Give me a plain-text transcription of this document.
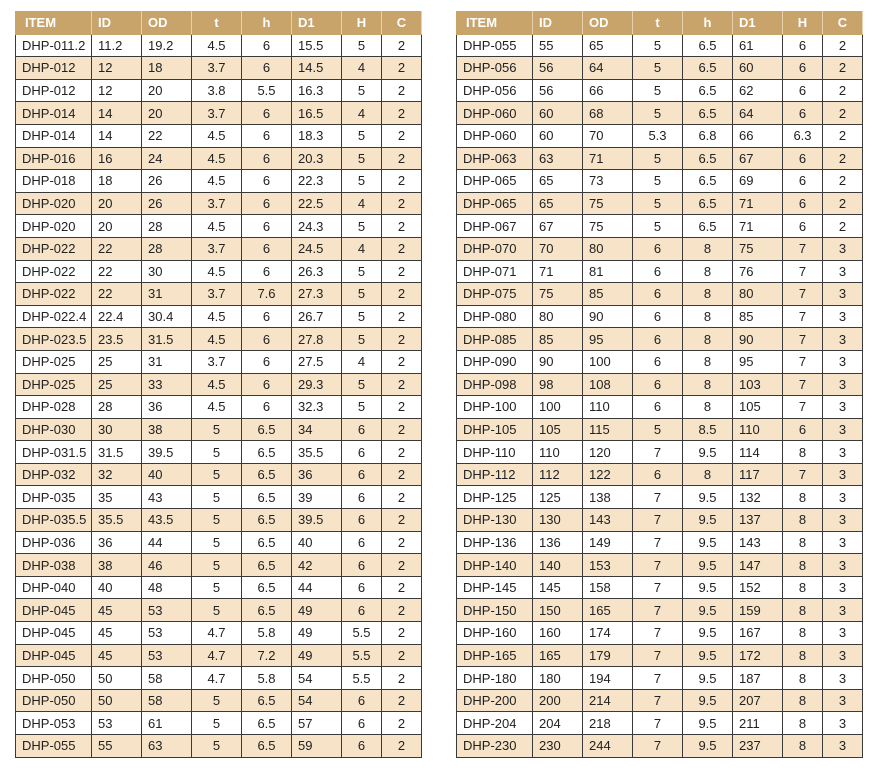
ITEM	ID	OD	t	h	D1	H	C
DHP-011.2	11.2	19.2	4.5	6	15.5	5	2
DHP-012	12	18	3.7	6	14.5	4	2
DHP-012	12	20	3.8	5.5	16.3	5	2
DHP-014	14	20	3.7	6	16.5	4	2
DHP-014	14	22	4.5	6	18.3	5	2
DHP-016	16	24	4.5	6	20.3	5	2
DHP-018	18	26	4.5	6	22.3	5	2
DHP-020	20	26	3.7	6	22.5	4	2
DHP-020	20	28	4.5	6	24.3	5	2
DHP-022	22	28	3.7	6	24.5	4	2
DHP-022	22	30	4.5	6	26.3	5	2
DHP-022	22	31	3.7	7.6	27.3	5	2
DHP-022.4	22.4	30.4	4.5	6	26.7	5	2
DHP-023.5	23.5	31.5	4.5	6	27.8	5	2
DHP-025	25	31	3.7	6	27.5	4	2
DHP-025	25	33	4.5	6	29.3	5	2
DHP-028	28	36	4.5	6	32.3	5	2
DHP-030	30	38	5	6.5	34	6	2
DHP-031.5	31.5	39.5	5	6.5	35.5	6	2
DHP-032	32	40	5	6.5	36	6	2
DHP-035	35	43	5	6.5	39	6	2
DHP-035.5	35.5	43.5	5	6.5	39.5	6	2
DHP-036	36	44	5	6.5	40	6	2
DHP-038	38	46	5	6.5	42	6	2
DHP-040	40	48	5	6.5	44	6	2
DHP-045	45	53	5	6.5	49	6	2
DHP-045	45	53	4.7	5.8	49	5.5	2
DHP-045	45	53	4.7	7.2	49	5.5	2
DHP-050	50	58	4.7	5.8	54	5.5	2
DHP-050	50	58	5	6.5	54	6	2
DHP-053	53	61	5	6.5	57	6	2
DHP-055	55	63	5	6.5	59	6	2
ITEM	ID	OD	t	h	D1	H	C
DHP-055	55	65	5	6.5	61	6	2
DHP-056	56	64	5	6.5	60	6	2
DHP-056	56	66	5	6.5	62	6	2
DHP-060	60	68	5	6.5	64	6	2
DHP-060	60	70	5.3	6.8	66	6.3	2
DHP-063	63	71	5	6.5	67	6	2
DHP-065	65	73	5	6.5	69	6	2
DHP-065	65	75	5	6.5	71	6	2
DHP-067	67	75	5	6.5	71	6	2
DHP-070	70	80	6	8	75	7	3
DHP-071	71	81	6	8	76	7	3
DHP-075	75	85	6	8	80	7	3
DHP-080	80	90	6	8	85	7	3
DHP-085	85	95	6	8	90	7	3
DHP-090	90	100	6	8	95	7	3
DHP-098	98	108	6	8	103	7	3
DHP-100	100	110	6	8	105	7	3
DHP-105	105	115	5	8.5	110	6	3
DHP-110	110	120	7	9.5	114	8	3
DHP-112	112	122	6	8	117	7	3
DHP-125	125	138	7	9.5	132	8	3
DHP-130	130	143	7	9.5	137	8	3
DHP-136	136	149	7	9.5	143	8	3
DHP-140	140	153	7	9.5	147	8	3
DHP-145	145	158	7	9.5	152	8	3
DHP-150	150	165	7	9.5	159	8	3
DHP-160	160	174	7	9.5	167	8	3
DHP-165	165	179	7	9.5	172	8	3
DHP-180	180	194	7	9.5	187	8	3
DHP-200	200	214	7	9.5	207	8	3
DHP-204	204	218	7	9.5	211	8	3
DHP-230	230	244	7	9.5	237	8	3
